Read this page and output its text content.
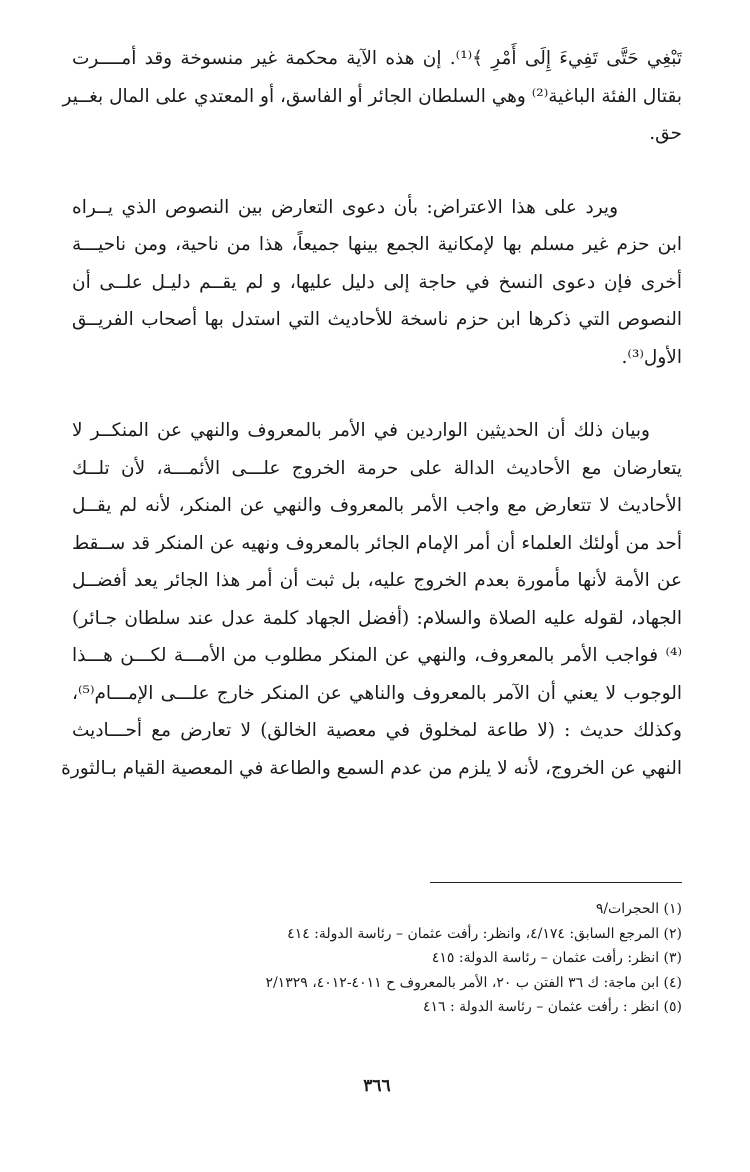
تَبْغِي حَتَّى تَفِيءَ إِلَى أَمْرِ ﴾⁽¹⁾. إن هذه الآية محكمة غير منسوخة وقد أمــــرت
بقتال الفئة الباغية⁽²⁾ وهي السلطان الجائر أو الفاسق، أو المعتدي على المال بغــير
حق.

ويرد على هذا الاعتراض: بأن دعوى التعارض بين النصوص الذي يــراه
ابن حزم غير مسلم بها لإمكانية الجمع بينها جميعاً، هذا من ناحية، ومن ناحيـــة
أخرى فإن دعوى النسخ في حاجة إلى دليل عليها، و لم يقــم دليـل علــى أن
النصوص التي ذكرها ابن حزم ناسخة للأحاديث التي استدل بها أصحاب الفريــق
الأول⁽³⁾.

وبيان ذلك أن الحديثين الواردين في الأمر بالمعروف والنهي عن المنكــر لا
يتعارضان مع الأحاديث الدالة على حرمة الخروج علـــى الأئمـــة، لأن تلــك
الأحاديث لا تتعارض مع واجب الأمر بالمعروف والنهي عن المنكر، لأنه لم يقــل
أحد من أولئك العلماء أن أمر الإمام الجائر بالمعروف ونهيه عن المنكر قد ســقط
عن الأمة لأنها مأمورة بعدم الخروج عليه، بل ثبت أن أمر هذا الجائر يعد أفضــل
الجهاد، لقوله عليه الصلاة والسلام: (أفضل الجهاد كلمة عدل عند سلطان جـائر)
⁽⁴⁾ فواجب الأمر بالمعروف، والنهي عن المنكر مطلوب من الأمـــة لكـــن هـــذا
الوجوب لا يعني أن الآمر بالمعروف والناهي عن المنكر خارج علـــى الإمـــام⁽⁵⁾،
وكذلك حديث : (لا طاعة لمخلوق في معصية الخالق) لا تعارض مع أحـــاديث
النهي عن الخروج، لأنه لا يلزم من عدم السمع والطاعة في المعصية القيام بـالثورة

(١) الحجرات/٩
(٢) المرجع السابق: ٤/١٧٤، وانظر: رأفت عثمان – رئاسة الدولة: ٤١٤
(٣) انظر: رأفت عثمان – رئاسة الدولة: ٤١٥
(٤) ابن ماجة: ك ٣٦ الفتن ب ٢٠، الأمر بالمعروف ح ٤٠١١-٤٠١٢، ٢/١٣٢٩
(٥) انظر : رأفت عثمان – رئاسة الدولة : ٤١٦
٣٦٦
